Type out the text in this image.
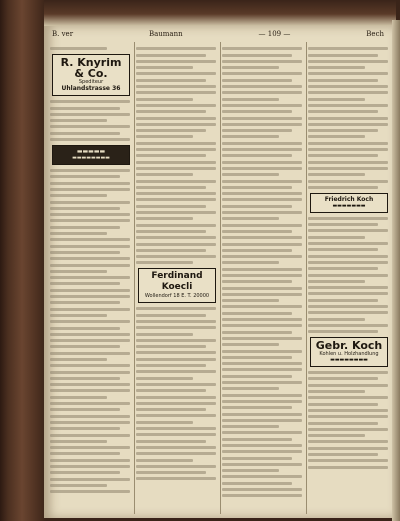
B. ver	Baumann	— 109 —	Bech
R. Knyrim
& Co.
Spediteur
Uhlandstrasse 36
▬▬▬▬▬
▬▬▬▬▬▬▬▬
Ferdinand Koecli
Wollendorf 18 E. T. 20000
Friedrich Koch
▬▬▬▬▬▬▬
Gebr. Koch
Kohlen u. Holzhandlung
▬▬▬▬▬▬▬▬
